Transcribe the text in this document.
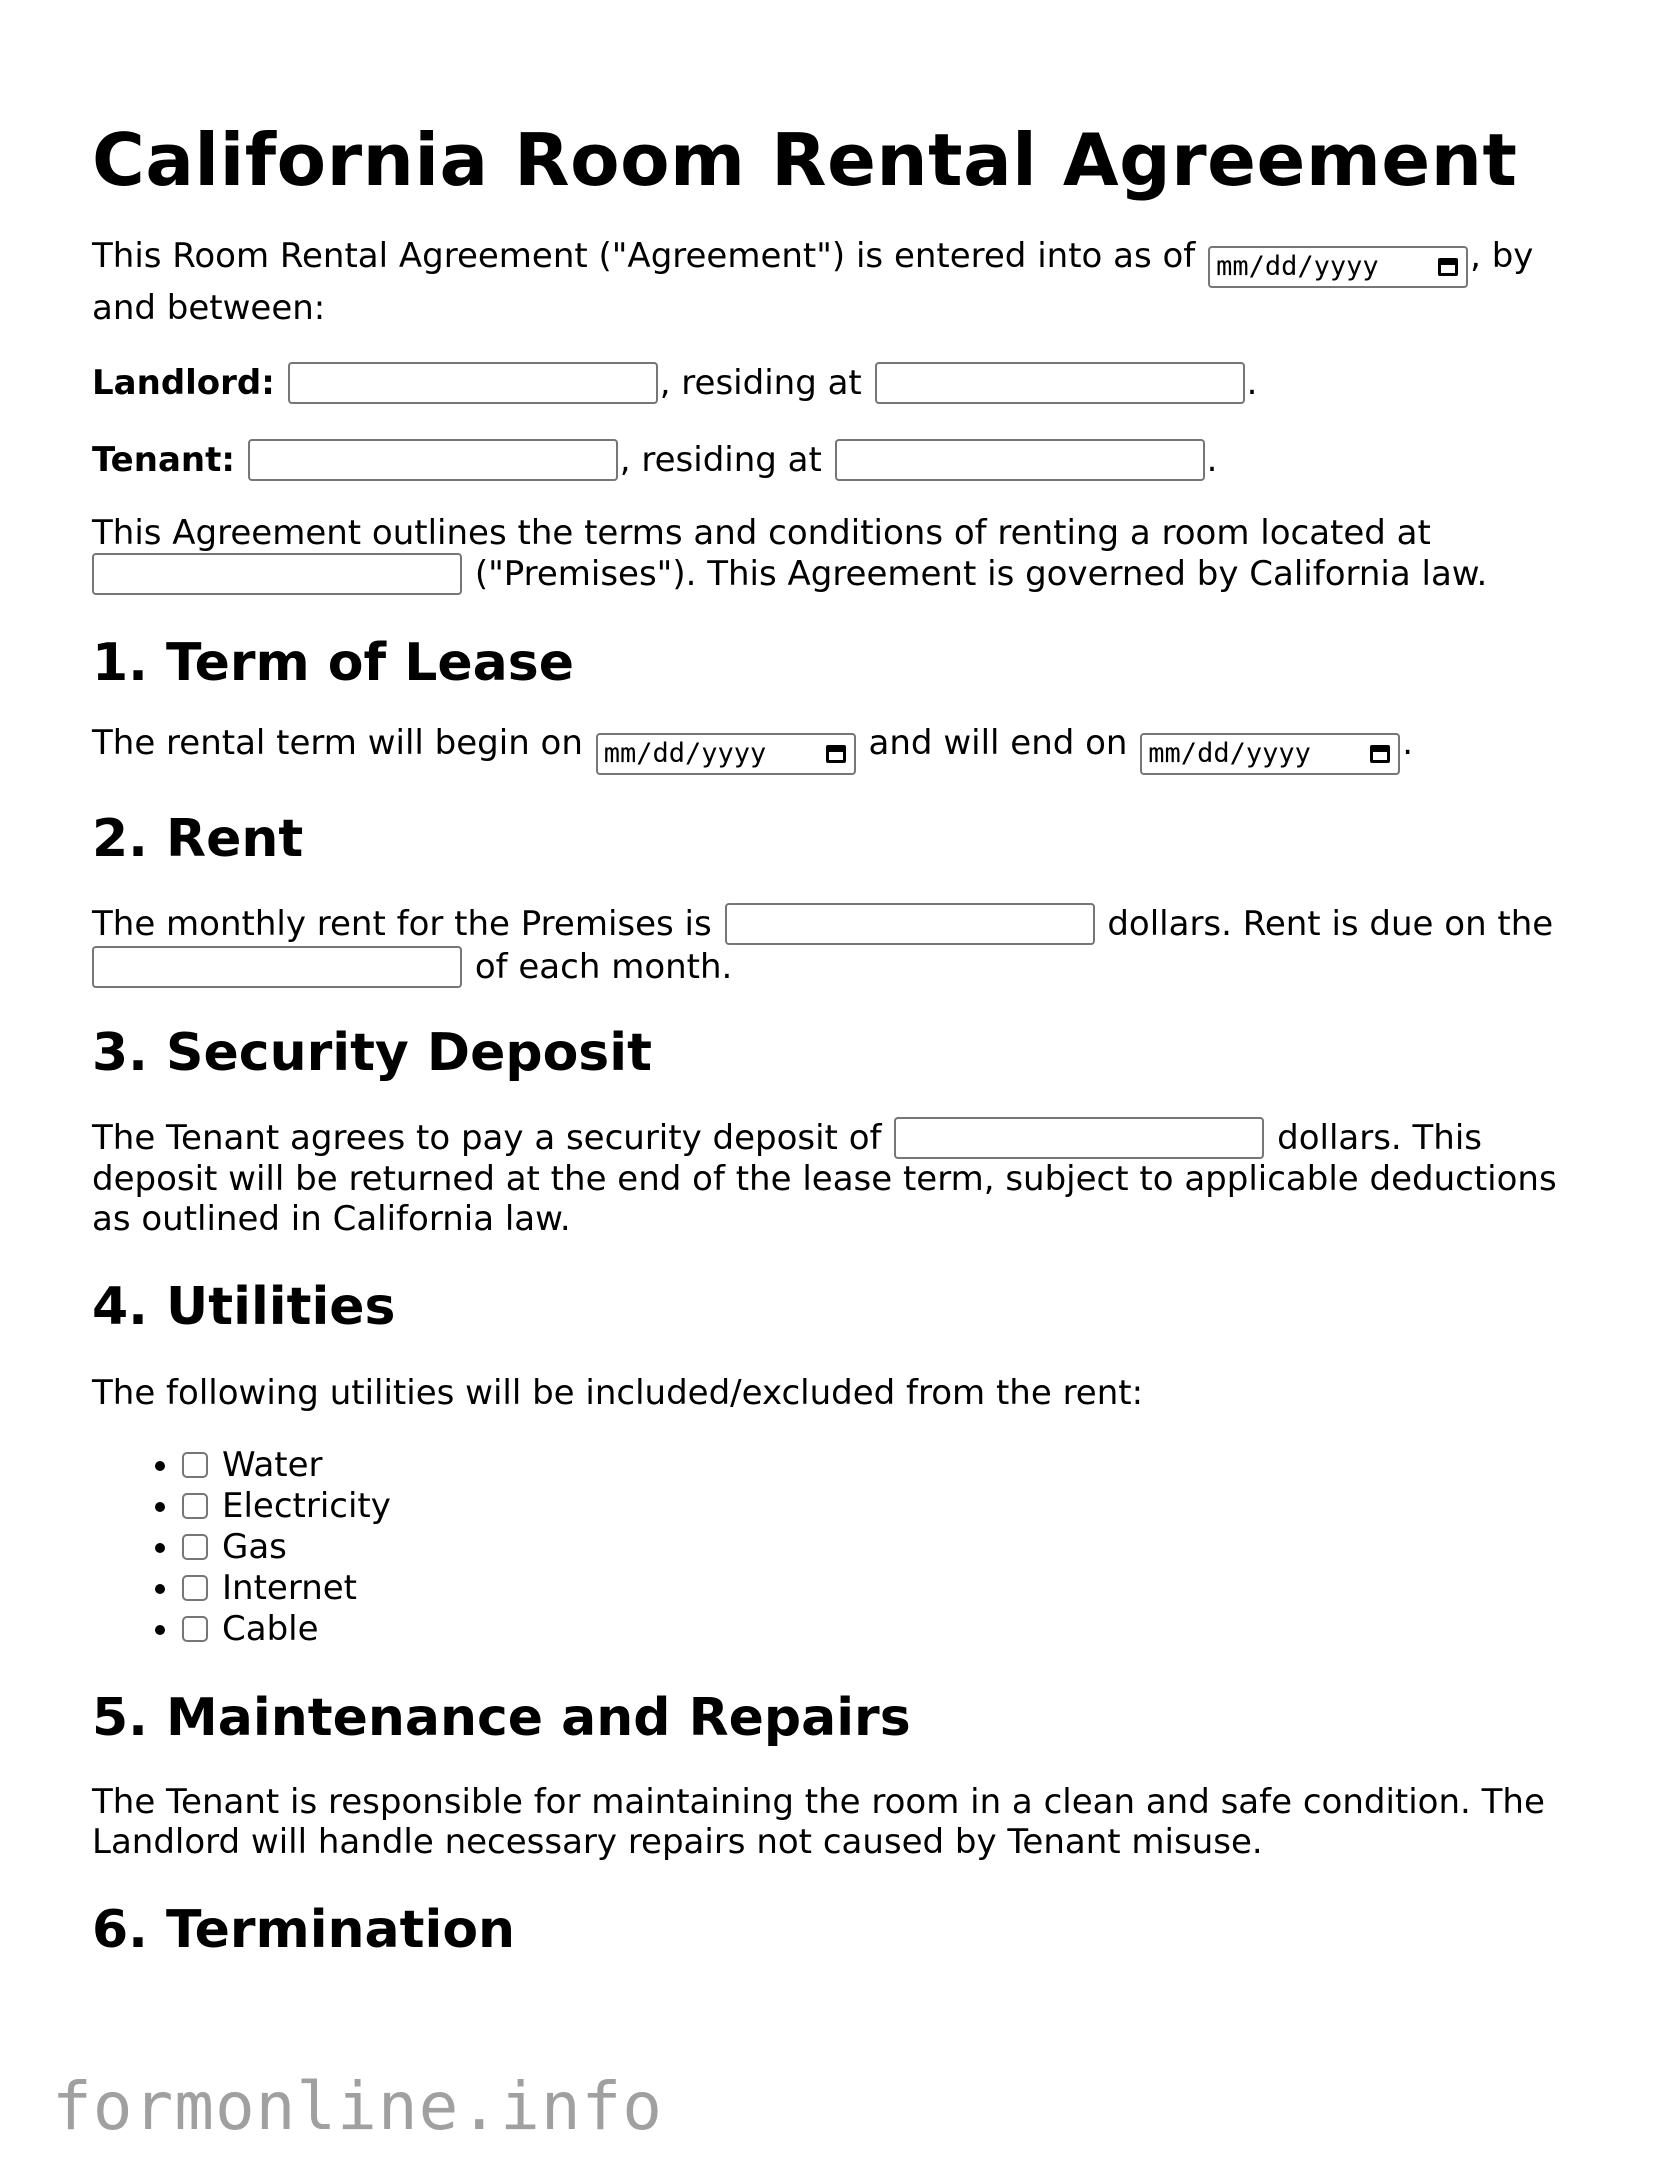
California Room Rental Agreement

This Room Rental Agreement ("Agreement") is entered into as of mm/dd/yyyy	, by and between:

Landlord:	, residing at	.

Tenant:	, residing at	.

This Agreement outlines the terms and conditions of renting a room located at
("Premises"). This Agreement is governed by California law.

1. Term of Lease

The rental term will begin on mm/dd/yyyy	and will end on mm/dd/yyyy	.

2. Rent

The monthly rent for the Premises is	dollars. Rent is due on the
of each month.

3. Security Deposit

The Tenant agrees to pay a security deposit of	dollars. This deposit will be returned at the end of the lease term, subject to applicable deductions as outlined in California law.

4. Utilities

The following utilities will be included/excluded from the rent:

• Water
• Electricity
• Gas
• Internet
• Cable
5. Maintenance and Repairs

The Tenant is responsible for maintaining the room in a clean and safe condition. The Landlord will handle necessary repairs not caused by Tenant misuse.

6. Termination
formonline.info
